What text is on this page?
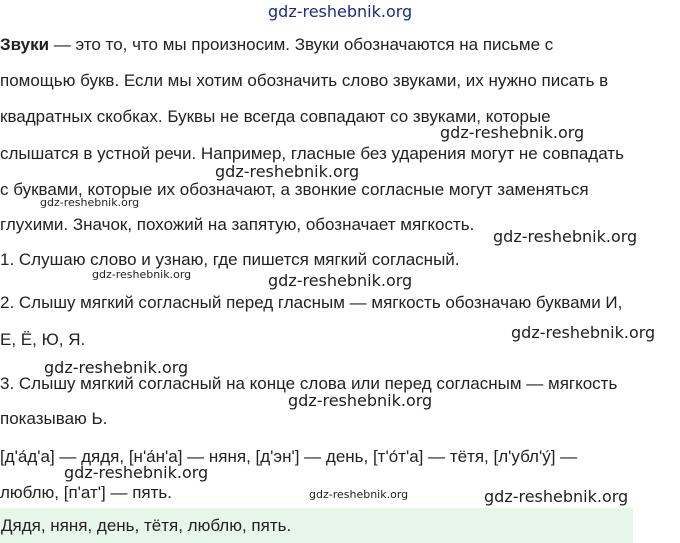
Звуки — это то, что мы произносим. Звуки обозначаются на письме с
помощью букв. Если мы хотим обозначить слово звуками, их нужно писать в
квадратных скобках. Буквы не всегда совпадают со звуками, которые
слышатся в устной речи. Например, гласные без ударения могут не совпадать
с буквами, которые их обозначают, а звонкие согласные могут заменяться
глухими. Значок, похожий на запятую, обозначает мягкость.
1. Слушаю слово и узнаю, где пишется мягкий согласный.
2. Слышу мягкий согласный перед гласным — мягкость обозначаю буквами И,
Е, Ё, Ю, Я.
3. Слышу мягкий согласный на конце слова или перед согласным — мягкость
показываю Ь.
[д'а́д'а] — дядя, [н'а́н'а] — няня, [д'эн'] — день, [т'о́т'а] — тётя, [л'убл'у́] —
люблю, [п'ат'] — пять.
Дядя, няня, день, тётя, люблю, пять.
gdz-reshebnik.org
gdz-reshebnik.org
gdz-reshebnik.org
gdz-reshebnik.org
gdz-reshebnik.org
gdz-reshebnik.org	gdz-reshebnik.org
gdz-reshebnik.org
gdz-reshebnik.org
gdz-reshebnik.org
gdz-reshebnik.org
gdz-reshebnik.org	gdz-reshebnik.org
